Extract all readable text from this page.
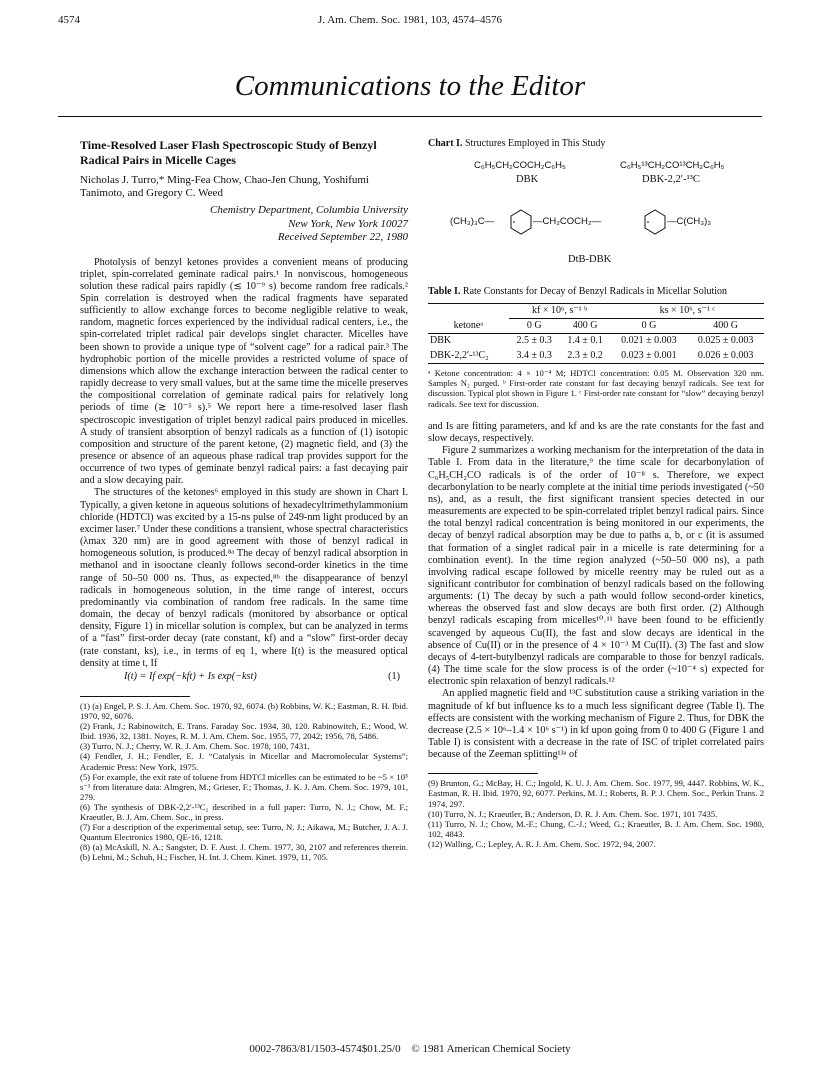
4574	J. Am. Chem. Soc. 1981, 103, 4574–4576
Communications to the Editor

Time-Resolved Laser Flash Spectroscopic Study of Benzyl Radical Pairs in Micelle Cages

Nicholas J. Turro,* Ming-Fea Chow, Chao-Jen Chung, Yoshifumi Tanimoto, and Gregory C. Weed

Chemistry Department, Columbia University
New York, New York 10027
Received September 22, 1980

Photolysis of benzyl ketones provides a convenient means of producing triplet, spin-correlated geminate radical pairs.¹ In nonviscous, homogeneous solution these radical pairs rapidly (≲ 10⁻⁹ s) become random free radicals.² Spin correlation is destroyed when the radical fragments have separated sufficiently to allow exchange forces to become negligible relative to weak, random, magnetic forces experienced by the individual radical centers, i.e., the spin-correlated triplet radical pair develops singlet character. Micelles have been shown to provide a unique type of “solvent cage” for a radical pair.³ The hydrophobic portion of the micelle provides a restricted volume of space of dimensions which allow the exchange interaction between the radical center to rapidly decrease to very small values, but at the same time the micelle preserves the compositional correlation of geminate radical pairs for relatively long periods of time (≳ 10⁻⁵ s).⁵ We report here a time-resolved laser flash spectroscopic investigation of triplet benzyl radical pairs produced in micelles. A study of transient absorption of benzyl radicals as a function of (1) isotopic composition and structure of the parent ketone, (2) magnetic field, and (3) the presence or absence of an aqueous phase radical trap provides support for the occurrence of two types of geminate benzyl radical pairs: a fast decaying pair and a slow decaying pair.

The structures of the ketones⁶ employed in this study are shown in Chart I. Typically, a given ketone in aqueous solutions of hexadecyltrimethylammonium chloride (HDTCl) was excited by a 15-ns pulse of 249-nm light produced by an excimer laser.⁷ Under these conditions a transient, whose spectral characteristics (λmax 320 nm) are in good agreement with those of benzyl radical in homogeneous solution, is produced.⁸ᵃ The decay of benzyl radical absorption in methanol and in isooctane cleanly follows second-order kinetics in the time range of 50–50 000 ns. Thus, as expected,⁸ᵇ the disappearance of benzyl radicals in homogeneous solution, in the time range of interest, occurs predominantly via combination of random free radicals. In the same time domain, the decay of benzyl radicals (monitored by absorbance or optical density, Figure 1) in micellar solution is complex, but can be analyzed in terms of a “fast” first-order decay (rate constant, kf) and a “slow” first-order decay (rate constant, ks), i.e., in terms of eq 1, where I(t) is the measured optical density at time t, If

I(t) = If exp(−kft) + Is exp(−kst)	(1)

(1) (a) Engel, P. S. J. Am. Chem. Soc. 1970, 92, 6074. (b) Robbins, W. K.; Eastman, R. H. Ibid. 1970, 92, 6076.

(2) Frank, J.; Rabinowitch, E. Trans. Faraday Soc. 1934, 30, 120. Rabinowitch, E.; Wood, W. Ibid. 1936, 32, 1381. Noyes, R. M. J. Am. Chem. Soc. 1955, 77, 2042; 1956, 78, 5486.

(3) Turro, N. J.; Cherry, W. R. J. Am. Chem. Soc. 1978, 100, 7431.

(4) Fendler, J. H.; Fendler, E. J. “Catalysis in Micellar and Macromolecular Systems”; Academic Press: New York, 1975.

(5) For example, the exit rate of toluene from HDTCl micelles can be estimated to be ~5 × 10⁵ s⁻¹ from literature data: Almgren, M.; Grieser, F.; Thomas, J. K. J. Am. Chem. Soc. 1979, 101, 279.

(6) The synthesis of DBK-2,2′-¹³C₂ described in a full paper: Turro, N. J.; Chow, M. F.; Kraeutler, B. J. Am. Chem. Soc., in press.

(7) For a description of the experimental setup, see: Turro, N. J.; Aikawa, M.; Butcher, J. A. J. Quantum Electronics 1980, QE-16, 1218.

(8) (a) McAskill, N. A.; Sangster, D. F. Aust. J. Chem. 1977, 30, 2107 and references therein. (b) Lehni, M.; Schuh, H.; Fischer, H. Int. J. Chem. Kinet. 1979, 11, 705.

Chart I. Structures Employed in This Study

C₆H₅CH₂COCH₂C₆H₅
DBK
C₆H₅¹³CH₂CO¹³CH₂C₆H₅
DBK-2,2′-¹³C
(CH₃)₃C—	—CH₂COCH₂—	—C(CH₃)₃
DtB-DBK

Table I. Rate Constants for Decay of Benzyl Radicals in Micellar Solution

	kf × 10⁶, s⁻¹ ᵇ		ks × 10⁶, s⁻¹ ᶜ	
ketoneᵃ	0 G	400 G	0 G	400 G
DBK	2.5 ± 0.3	1.4 ± 0.1	0.021 ± 0.003	0.025 ± 0.003
DBK-2,2′-¹³C₂	3.4 ± 0.3	2.3 ± 0.2	0.023 ± 0.001	0.026 ± 0.003

ᵃ Ketone concentration: 4 × 10⁻⁴ M; HDTCl concentration: 0.05 M. Observation 320 nm. Samples N₂ purged. ᵇ First-order rate constant for fast decaying benzyl radicals. See text for discussion. Typical plot shown in Figure 1. ᶜ First-order rate constant for “slow” decaying benzyl radicals. See text for discussion.

and Is are fitting parameters, and kf and ks are the rate constants for the fast and slow decays, respectively.

Figure 2 summarizes a working mechanism for the interpretation of the data in Table I. From data in the literature,⁹ the time scale for decarbonylation of C₆H₅CH₂CO radicals is of the order of 10⁻⁸ s. Therefore, we expect decarbonylation to be nearly complete at the initial time periods investigated (~50 ns), and, as a result, the first significant transient species detected in our measurements are expected to be spin-correlated triplet benzyl radical pairs. Since the total benzyl radical concentration is being monitored in our experiments, the decay of benzyl radical absorption may be due to paths a, b, or c (it is assumed that formation of a singlet radical pair in a micelle is rate determining for a combination event). In the time region analyzed (~50–50 000 ns), a path involving radical escape followed by micelle reentry may be ruled out as a significant contributor for combination of benzyl radicals based on the following arguments: (1) The decay by such a path would follow second-order kinetics, whereas the observed fast and slow decays are both first order. (2) Although benzyl radicals escaping from micelles¹⁰˒¹¹ have been found to be efficiently scavenged by aqueous Cu(II), the fast and slow decays are identical in the absence of Cu(II) or in the presence of 4 × 10⁻³ M Cu(II). (3) The fast and slow decays of 4-tert-butylbenzyl radicals are comparable to those for benzyl radicals. (4) The time scale for the slow process is of the order (~10⁻⁴ s) expected for electronic spin relaxation of benzyl radicals.¹²

An applied magnetic field and ¹³C substitution cause a striking variation in the magnitude of kf but influence ks to a much less significant degree (Table I). The effects are consistent with the working mechanism of Figure 2. Thus, for DBK the decrease (2.5 × 10⁶–1.4 × 10⁶ s⁻¹) in kf upon going from 0 to 400 G (Figure 1 and Table I) is consistent with a decrease in the rate of ISC of triplet correlated pairs because of the Zeeman splitting¹³ᵃ of

(9) Brunton, G.; McBay, H. C.; Ingold, K. U. J. Am. Chem. Soc. 1977, 99, 4447. Robbins, W. K., Eastman, R. H. Ibid. 1970, 92, 6077. Perkins, M. J.; Roberts, B. P. J. Chem. Soc., Perkin Trans. 2 1974, 297.

(10) Turro, N. J.; Kraeutler, B.; Anderson, D. R. J. Am. Chem. Soc. 1971, 101 7435.

(11) Turro, N. J.; Chow, M.-F.; Chung, C.-J.; Weed, G.; Kraeutler, B. J. Am. Chem. Soc. 1980, 102, 4843.

(12) Walling, C.; Lepley, A. R. J. Am. Chem. Soc. 1972, 94, 2007.

0002-7863/81/1503-4574$01.25/0 © 1981 American Chemical Society
